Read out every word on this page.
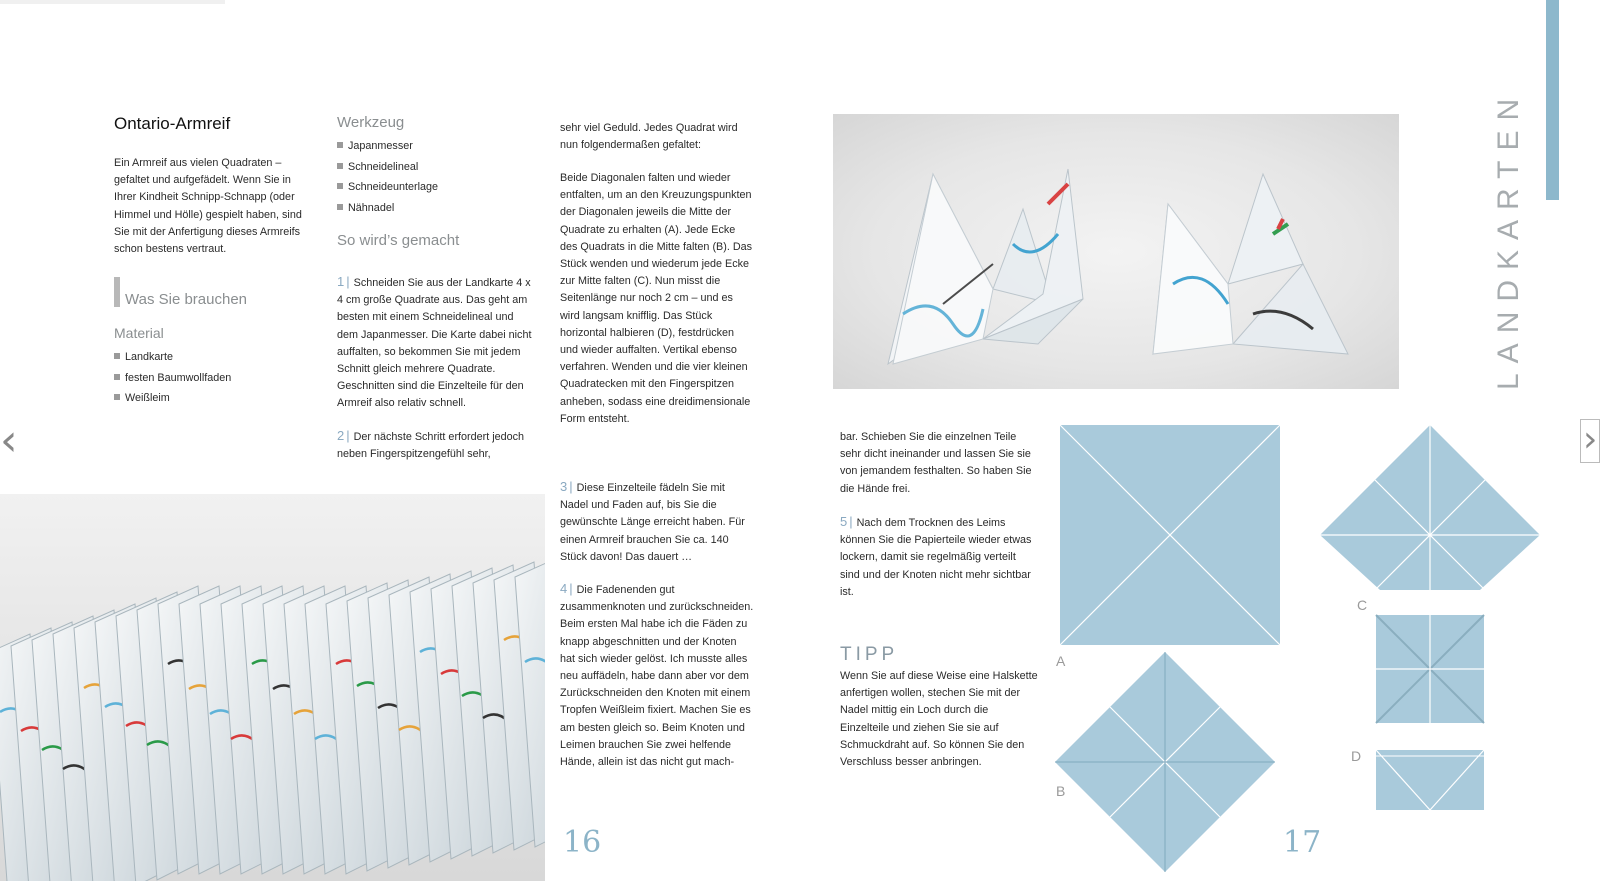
Ontario-Armreif
Ein Armreif aus vielen Quadraten – gefaltet und aufgefädelt. Wenn Sie in Ihrer Kindheit Schnipp-Schnapp (oder Himmel und Hölle) gespielt haben, sind Sie mit der Anfertigung dieses Armreifs schon bestens vertraut.
Was Sie brauchen
Material
Landkarte
festen Baumwollfaden
Weißleim
Werkzeug
Japanmesser
Schneidelineal
Schneideunterlage
Nähnadel
So wird’s gemacht
1 | Schneiden Sie aus der Landkarte 4 x 4 cm große Quadrate aus. Das geht am besten mit einem Schneidelineal und dem Japanmesser. Die Karte dabei nicht auffalten, so bekommen Sie mit jedem Schnitt gleich mehrere Quadrate. Geschnitten sind die Einzelteile für den Armreif also relativ schnell.
2 | Der nächste Schritt erfordert jedoch neben Fingerspitzengefühl sehr,
sehr viel Geduld. Jedes Quadrat wird nun folgendermaßen gefaltet:
Beide Diagonalen falten und wieder entfalten, um an den Kreuzungspunkten der Diagonalen jeweils die Mitte der Quadrate zu erhalten (A). Jede Ecke des Quadrats in die Mitte falten (B). Das Stück wenden und wiederum jede Ecke zur Mitte falten (C). Nun misst die Seitenlänge nur noch 2 cm – und es wird langsam knifflig. Das Stück horizontal halbieren (D), festdrücken und wieder auffalten. Vertikal ebenso verfahren. Wenden und die vier kleinen Quadratecken mit den Fingerspitzen anheben, sodass eine dreidimensionale Form entsteht.
3 | Diese Einzelteile fädeln Sie mit Nadel und Faden auf, bis Sie die gewünschte Länge erreicht haben. Für einen Armreif brauchen Sie ca. 140 Stück davon! Das dauert …
4 | Die Fadenenden gut zusammenknoten und zurückschneiden. Beim ersten Mal habe ich die Fäden zu knapp abgeschnitten und der Knoten hat sich wieder gelöst. Ich musste alles neu auffädeln, habe dann aber vor dem Zurückschneiden den Knoten mit einem Tropfen Weißleim fixiert. Machen Sie es am besten gleich so. Beim Knoten und Leimen brauchen Sie zwei helfende Hände, allein ist das nicht gut mach-
16
LANDKARTEN
bar. Schieben Sie die einzelnen Teile sehr dicht ineinander und lassen Sie sie von jemandem festhalten. So haben Sie die Hände frei.
5 | Nach dem Trocknen des Leims können Sie die Papierteile wieder etwas lockern, damit sie regelmäßig verteilt sind und der Knoten nicht mehr sichtbar ist.
TIPP
Wenn Sie auf diese Weise eine Halskette anfertigen wollen, stechen Sie mit der Nadel mittig ein Loch durch die Einzelteile und ziehen Sie sie auf Schmuckdraht auf. So können Sie den Verschluss besser anbringen.
A
B
C
D
17
‹	›
